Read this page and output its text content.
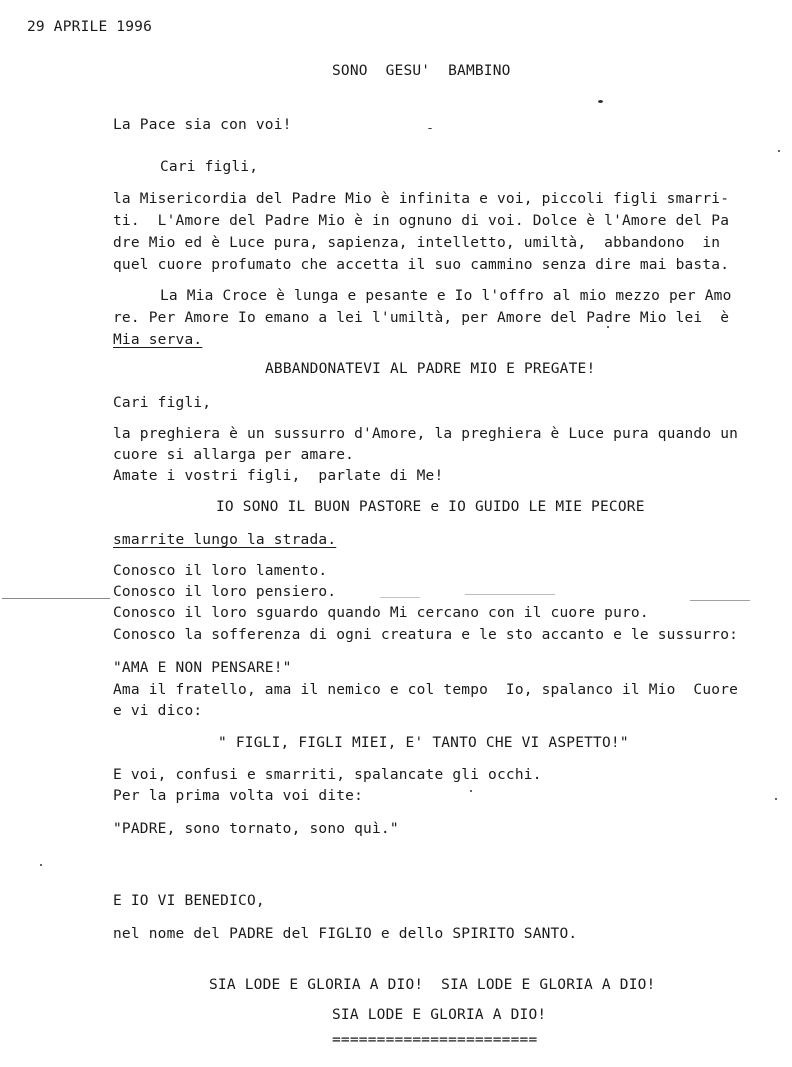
29 APRILE 1996
SONO  GESU'  BAMBINO
La Pace sia con voi!
Cari figli,
la Misericordia del Padre Mio è infinita e voi, piccoli figli smarri-
ti.  L'Amore del Padre Mio è in ognuno di voi. Dolce è l'Amore del Pa
dre Mio ed è Luce pura, sapienza, intelletto, umiltà,  abbandono  in
quel cuore profumato che accetta il suo cammino senza dire mai basta.
La Mia Croce è lunga e pesante e Io l'offro al mio mezzo per Amo
re. Per Amore Io emano a lei l'umiltà, per Amore del Padre Mio lei  è
Mia serva.
ABBANDONATEVI AL PADRE MIO E PREGATE!
Cari figli,
la preghiera è un sussurro d'Amore, la preghiera è Luce pura quando un
cuore si allarga per amare.
Amate i vostri figli,  parlate di Me!
IO SONO IL BUON PASTORE e IO GUIDO LE MIE PECORE
smarrite lungo la strada.
Conosco il loro lamento.
Conosco il loro pensiero.
Conosco il loro sguardo quando Mi cercano con il cuore puro.
Conosco la sofferenza di ogni creatura e le sto accanto e le sussurro:
"AMA E NON PENSARE!"
Ama il fratello, ama il nemico e col tempo  Io, spalanco il Mio  Cuore
e vi dico:
" FIGLI, FIGLI MIEI, E' TANTO CHE VI ASPETTO!"
E voi, confusi e smarriti, spalancate gli occhi.
Per la prima volta voi dite:
"PADRE, sono tornato, sono quì."
E IO VI BENEDICO,
nel nome del PADRE del FIGLIO e dello SPIRITO SANTO.
SIA LODE E GLORIA A DIO!  SIA LODE E GLORIA A DIO!
SIA LODE E GLORIA A DIO!
=======================
